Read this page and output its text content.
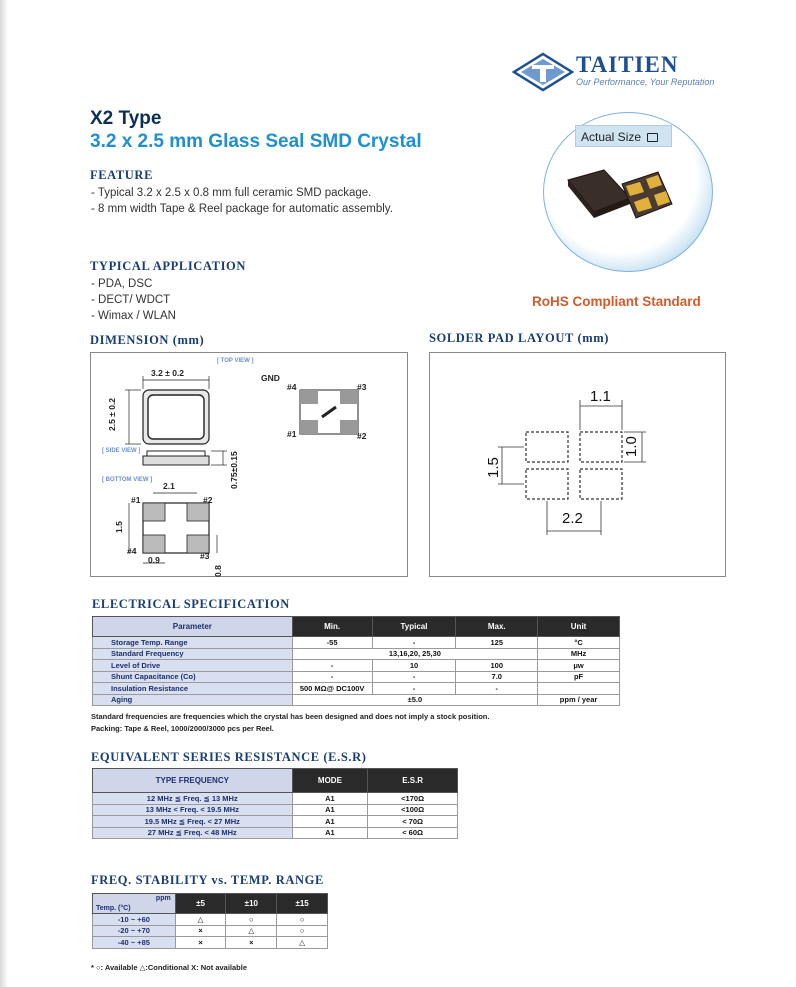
TAITIEN
Our Performance, Your Reputation
X2 Type
3.2 x 2.5 mm Glass Seal SMD Crystal
FEATURE
- Typical 3.2 x 2.5 x 0.8 mm full ceramic SMD package.
- 8 mm width Tape & Reel package for automatic assembly.
TYPICAL APPLICATION
- PDA, DSC
- DECT/ WDCT
- Wimax / WLAN
Actual Size
RoHS Compliant Standard
DIMENSION (mm)
[ TOP VIEW ]
3.2 ± 0.2
2.5 ± 0.2
[ SIDE VIEW ]
0.75±0.15
[ BOTTOM VIEW ]
2.1
#1	#2
1.5
#4	#3
0.9
0.8
GND
#4	#3
#1	#2
SOLDER PAD LAYOUT (mm)
1.1
1.0
1.5
2.2
ELECTRICAL SPECIFICATION
Parameter	Min.	Typical	Max.	Unit
Storage Temp. Range	-55	-	125	°C
Standard Frequency	13,16,20, 25,30			MHz
Level of Drive	-	10	100	μw
Shunt Capacitance (Co)	-	-	7.0	pF
Insulation Resistance	500 MΩ@ DC100V	-	-	
Aging	±5.0			ppm / year
Standard frequencies are frequencies which the crystal has been designed and does not imply a stock position.
Packing: Tape & Reel, 1000/2000/3000 pcs per Reel.
EQUIVALENT SERIES RESISTANCE (E.S.R)
TYPE FREQUENCY	MODE	E.S.R
12 MHz ≦ Freq. ≦ 13 MHz	A1	<170Ω
13 MHz < Freq. < 19.5 MHz	A1	<100Ω
19.5 MHz ≦ Freq. < 27 MHz	A1	< 70Ω
27 MHz ≦ Freq. < 48 MHz	A1	< 60Ω
FREQ. STABILITY vs. TEMP. RANGE
ppm
Temp. (°C)	±5	±10	±15
-10 ~ +60	△	○	○
-20 ~ +70	×	△	○
-40 ~ +85	×	×	△
* ○: Available △:Conditional X: Not available
